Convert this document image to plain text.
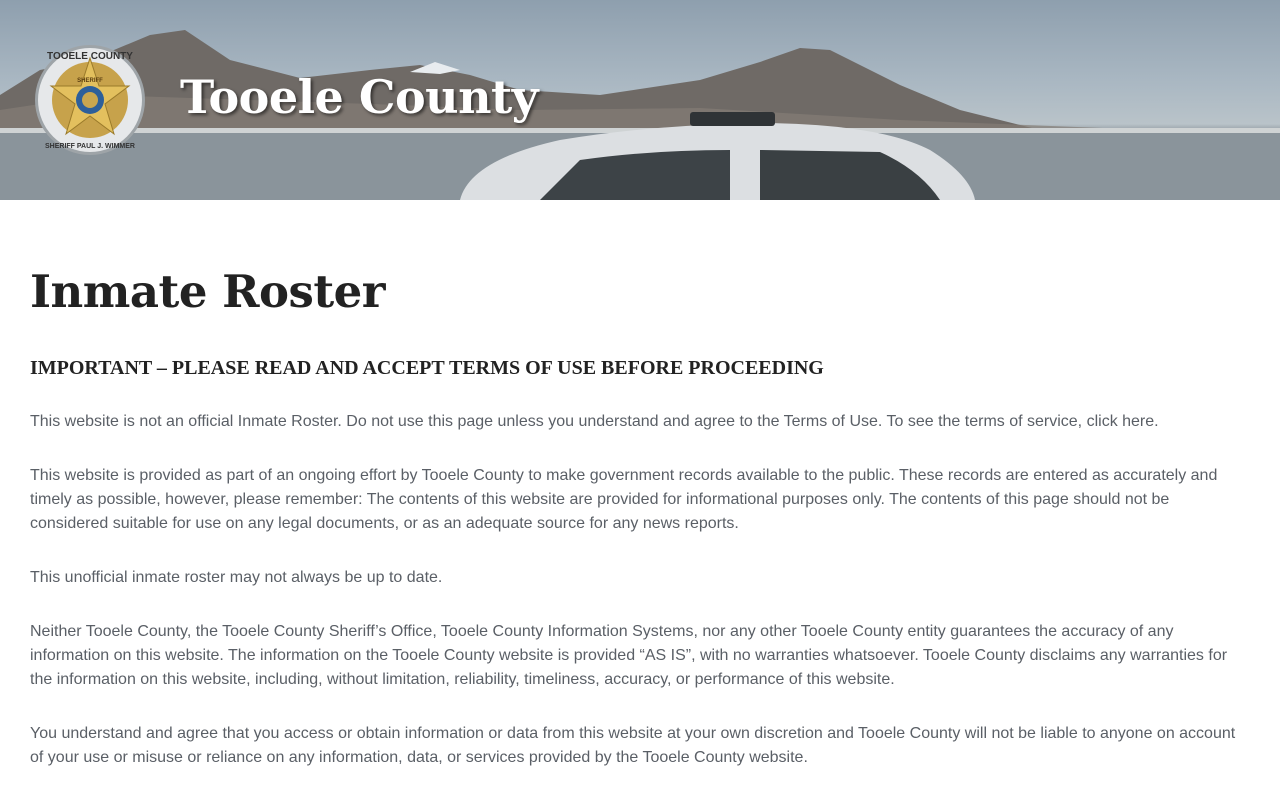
TOOELE COUNTY
SHERIFF
SHERIFF PAUL J. WIMMER
Tooele County
Inmate Roster
IMPORTANT – PLEASE READ AND ACCEPT TERMS OF USE BEFORE PROCEEDING

This website is not an official Inmate Roster. Do not use this page unless you understand and agree to the Terms of Use. To see the terms of service, click here.

This website is provided as part of an ongoing effort by Tooele County to make government records available to the public. These records are entered as accurately and timely as possible, however, please remember: The contents of this website are provided for informational purposes only. The contents of this page should not be considered suitable for use on any legal documents, or as an adequate source for any news reports.

This unofficial inmate roster may not always be up to date.

Neither Tooele County, the Tooele County Sheriff’s Office, Tooele County Information Systems, nor any other Tooele County entity guarantees the accuracy of any information on this website. The information on the Tooele County website is provided “AS IS”, with no warranties whatsoever. Tooele County disclaims any warranties for the information on this website, including, without limitation, reliability, timeliness, accuracy, or performance of this website.

You understand and agree that you access or obtain information or data from this website at your own discretion and Tooele County will not be liable to anyone on account of your use or misuse or reliance on any information, data, or services provided by the Tooele County website.
